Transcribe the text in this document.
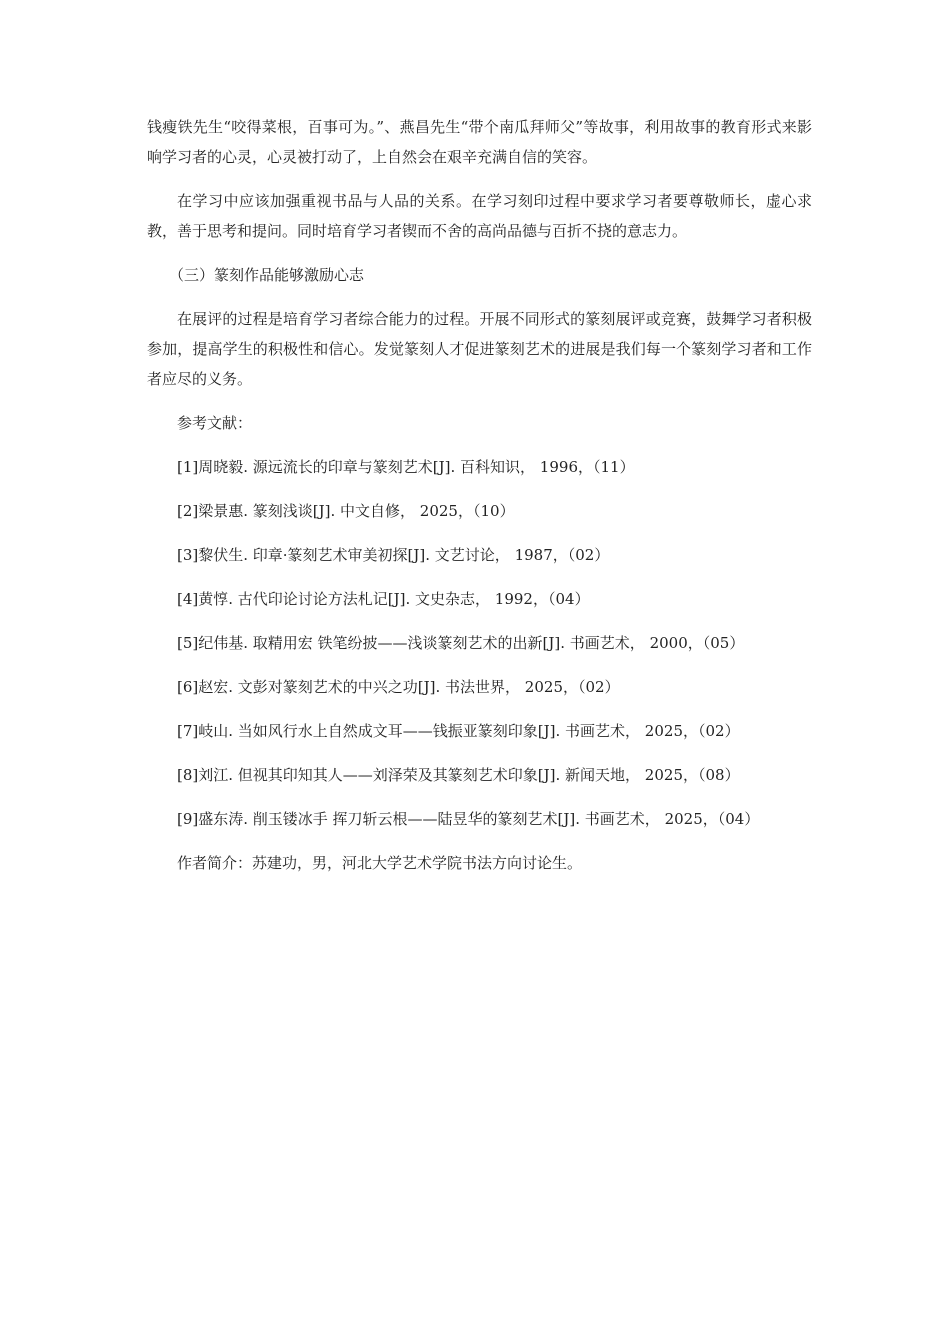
钱瘦铁先生“咬得菜根，百事可为。”、燕昌先生“带个南瓜拜师父”等故事，利用故事的教育形式来影响学习者的心灵，心灵被打动了，上自然会在艰辛充满自信的笑容。

在学习中应该加强重视书品与人品的关系。在学习刻印过程中要求学习者要尊敬师长，虚心求教，善于思考和提问。同时培育学习者锲而不舍的高尚品德与百折不挠的意志力。

（三）篆刻作品能够激励心志

在展评的过程是培育学习者综合能力的过程。开展不同形式的篆刻展评或竞赛，鼓舞学习者积极参加，提高学生的积极性和信心。发觉篆刻人才促进篆刻艺术的进展是我们每一个篆刻学习者和工作者应尽的义务。

参考文献：

[1]周晓毅. 源远流长的印章与篆刻艺术[J]. 百科知识， 1996，（11）

[2]梁景惠. 篆刻浅谈[J]. 中文自修， 2025，（10）

[3]黎伏生. 印章·篆刻艺术审美初探[J]. 文艺讨论， 1987，（02）

[4]黄惇. 古代印论讨论方法札记[J]. 文史杂志， 1992，（04）

[5]纪伟基. 取精用宏 铁笔纷披——浅谈篆刻艺术的出新[J]. 书画艺术， 2000，（05）

[6]赵宏. 文彭对篆刻艺术的中兴之功[J]. 书法世界， 2025，（02）

[7]岐山. 当如风行水上自然成文耳——钱振亚篆刻印象[J]. 书画艺术， 2025，（02）

[8]刘江. 但视其印知其人——刘泽荣及其篆刻艺术印象[J]. 新闻天地， 2025，（08）

[9]盛东涛. 削玉镂冰手 挥刀斩云根——陆昱华的篆刻艺术[J]. 书画艺术， 2025，（04）

作者简介：苏建功，男，河北大学艺术学院书法方向讨论生。
